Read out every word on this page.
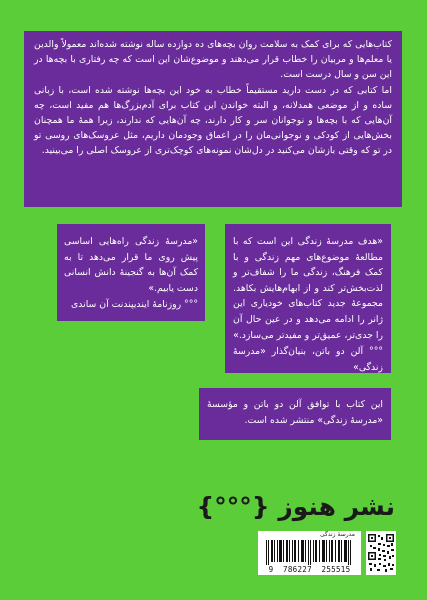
کتاب‌هایی که برای کمک به سلامت روان بچه‌های ده دوازده ساله نوشته شده‌اند معمولاً والدین یا معلم‌ها و مربیان را خطاب قرار می‌دهند و موضوع‌شان این است که چه رفتاری با بچه‌ها در این سن و سال درست است.

اما کتابی که در دست دارید مستقیماً خطاب به خود این بچه‌ها نوشته شده است، با زبانی ساده و از موضعی همدلانه، و البته خواندن این کتاب برای آدم‌بزرگ‌ها هم مفید است، چه آن‌هایی که با بچه‌ها و نوجوانان سر و کار دارند، چه آن‌هایی که ندارند، زیرا همهٔ ما همچنان بخش‌هایی از کودکی و نوجوانی‌مان را در اعماق وجودمان داریم، مثل عروسک‌های روسی تو در تو که وقتی بازشان می‌کنید در دل‌شان نمونه‌های کوچک‌تری از عروسک اصلی را می‌بینید.

«مدرسهٔ زندگی راه‌هایی اساسی پیش روی ما قرار می‌دهد تا به کمک آن‌ها به گنجینهٔ دانش انسانی دست یابیم.»

°°° روزنامهٔ ایندیپندنت آن ساندی

«هدف مدرسهٔ زندگی این است که با مطالعهٔ موضوع‌های مهم زندگی و با کمک فرهنگ، زندگی ما را شفاف‌تر و لذت‌بخش‌تر کند و از ابهام‌هایش بکاهد. مجموعهٔ جدید کتاب‌های خودیاری این ژانر را ادامه می‌دهد و در عین حال آن را جدی‌تر، عمیق‌تر و مفیدتر می‌سازد.»

°°° آلن دو باتن، بنیان‌گذار «مدرسهٔ زندگی»

این کتاب با توافق آلن دو باتن و مؤسسهٔ «مدرسهٔ زندگی» منتشر شده است.

نشر هنوز {°°°}
مدرسهٔ زندگی
9  786227  255515
